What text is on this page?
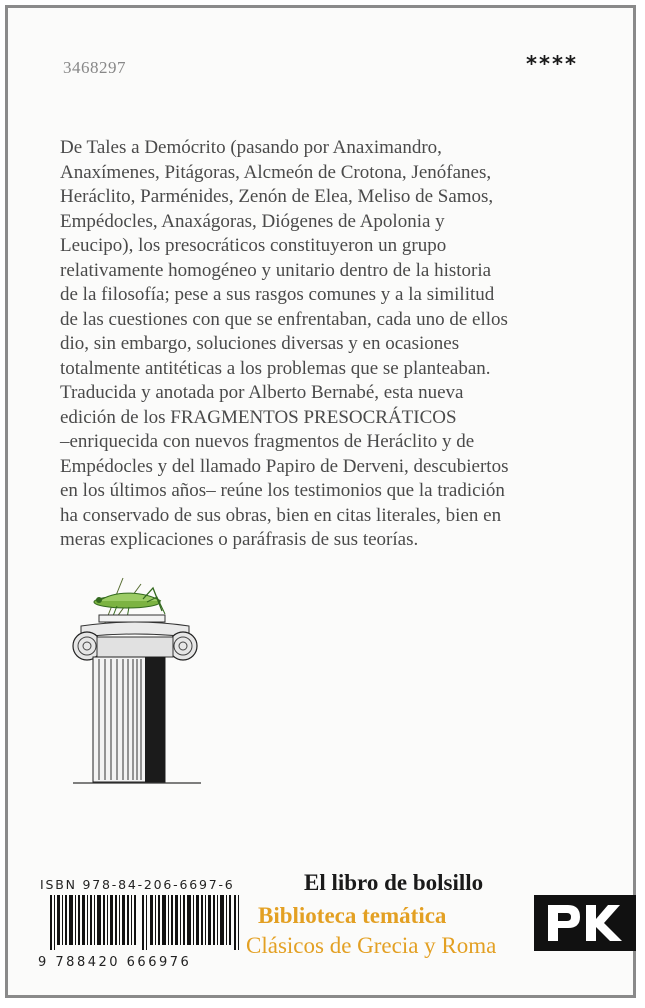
3468297	****
De Tales a Demócrito (pasando por Anaximandro,
Anaxímenes, Pitágoras, Alcmeón de Crotona, Jenófanes,
Heráclito, Parménides, Zenón de Elea, Meliso de Samos,
Empédocles, Anaxágoras, Diógenes de Apolonia y
Leucipo), los presocráticos constituyeron un grupo
relativamente homogéneo y unitario dentro de la historia
de la filosofía; pese a sus rasgos comunes y a la similitud
de las cuestiones con que se enfrentaban, cada uno de ellos
dio, sin embargo, soluciones diversas y en ocasiones
totalmente antitéticas a los problemas que se planteaban.
Traducida y anotada por Alberto Bernabé, esta nueva
edición de los FRAGMENTOS PRESOCRÁTICOS
–enriquecida con nuevos fragmentos de Heráclito y de
Empédocles y del llamado Papiro de Derveni, descubiertos
en los últimos años– reúne los testimonios que la tradición
ha conservado de sus obras, bien en citas literales, bien en
meras explicaciones o paráfrasis de sus teorías.
ISBN 978-84-206-6697-6
9 788420 666976
El libro de bolsillo
Biblioteca temática
Clásicos de Grecia y Roma
